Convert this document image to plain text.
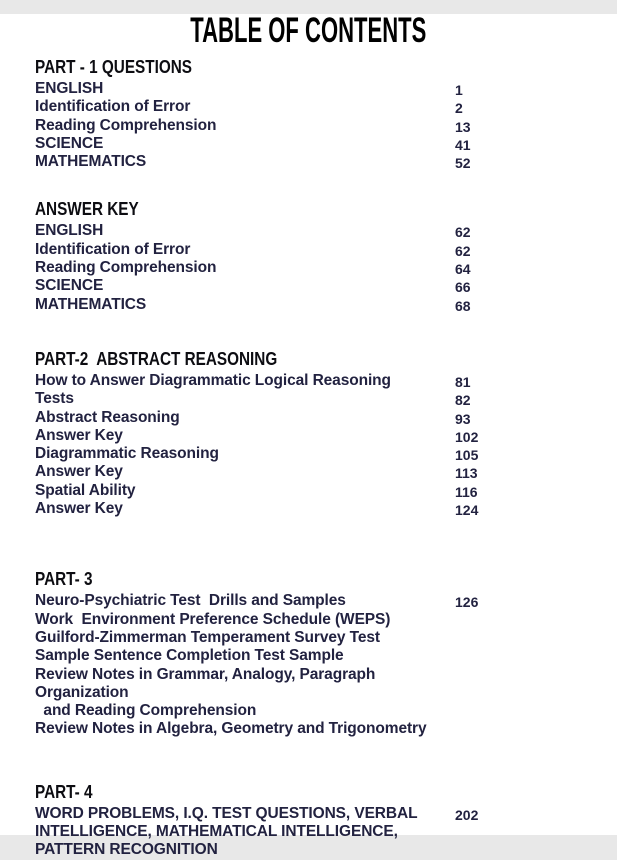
TABLE OF CONTENTS
PART - 1 QUESTIONS
ENGLISH	1
Identification of Error	2
Reading Comprehension	13
SCIENCE	41
MATHEMATICS	52
ANSWER KEY
ENGLISH	62
Identification of Error	62
Reading Comprehension	64
SCIENCE	66
MATHEMATICS	68
PART-2  ABSTRACT REASONING
How to Answer Diagrammatic Logical Reasoning	81
Tests	82
Abstract Reasoning	93
Answer Key	102
Diagrammatic Reasoning	105
Answer Key	113
Spatial Ability	116
Answer Key	124
PART- 3
Neuro-Psychiatric Test  Drills and Samples	126
Work  Environment Preference Schedule (WEPS)
Guilford-Zimmerman Temperament Survey Test
Sample Sentence Completion Test Sample
Review Notes in Grammar, Analogy, Paragraph
Organization
and Reading Comprehension
Review Notes in Algebra, Geometry and Trigonometry
PART- 4
WORD PROBLEMS, I.Q. TEST QUESTIONS, VERBAL	202
INTELLIGENCE, MATHEMATICAL INTELLIGENCE,
PATTERN RECOGNITION
